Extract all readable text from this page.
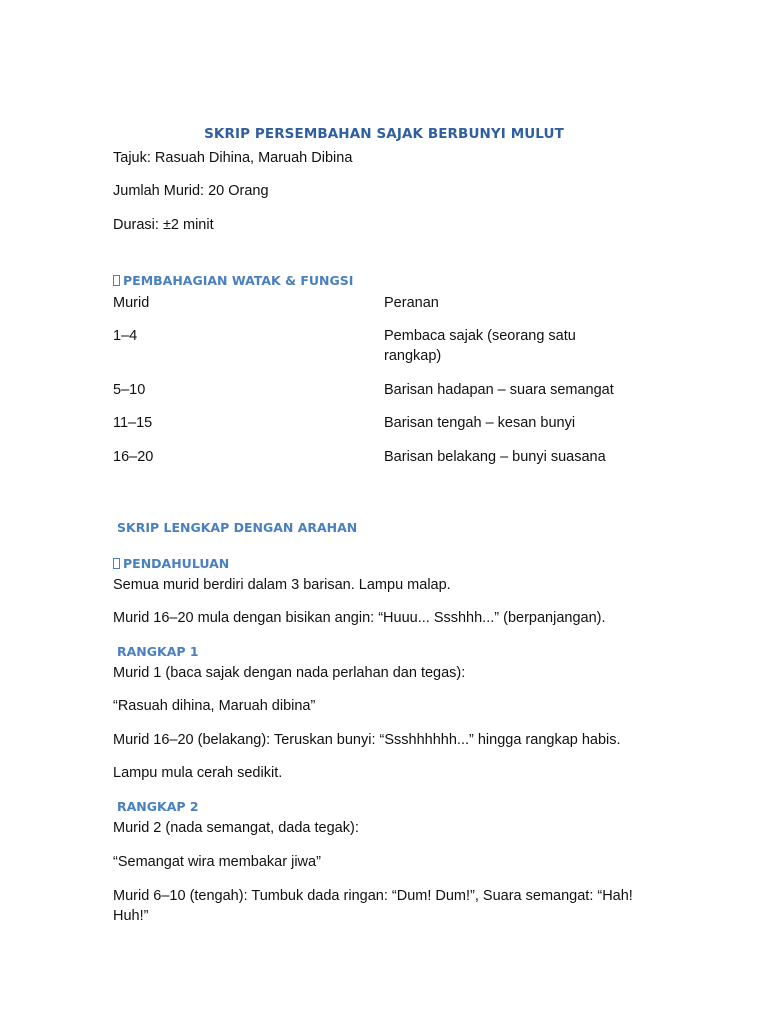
SKRIP PERSEMBAHAN SAJAK BERBUNYI MULUT

Tajuk: Rasuah Dihina, Maruah Dibina

Jumlah Murid: 20 Orang

Durasi: ±2 minit

PEMBAHAGIAN WATAK & FUNGSI

Murid	Peranan

1–4	Pembaca sajak (seorang satu rangkap)

5–10	Barisan hadapan – suara semangat

11–15	Barisan tengah – kesan bunyi

16–20	Barisan belakang – bunyi suasana

SKRIP LENGKAP DENGAN ARAHAN
PENDAHULUAN

Semua murid berdiri dalam 3 barisan. Lampu malap.

Murid 16–20 mula dengan bisikan angin: “Huuu... Ssshhh...” (berpanjangan).

RANGKAP 1

Murid 1 (baca sajak dengan nada perlahan dan tegas):

“Rasuah dihina, Maruah dibina”

Murid 16–20 (belakang): Teruskan bunyi: “Ssshhhhhh...” hingga rangkap habis.

Lampu mula cerah sedikit.

RANGKAP 2

Murid 2 (nada semangat, dada tegak):

“Semangat wira membakar jiwa”

Murid 6–10 (tengah): Tumbuk dada ringan: “Dum! Dum!”, Suara semangat: “Hah! Huh!”
